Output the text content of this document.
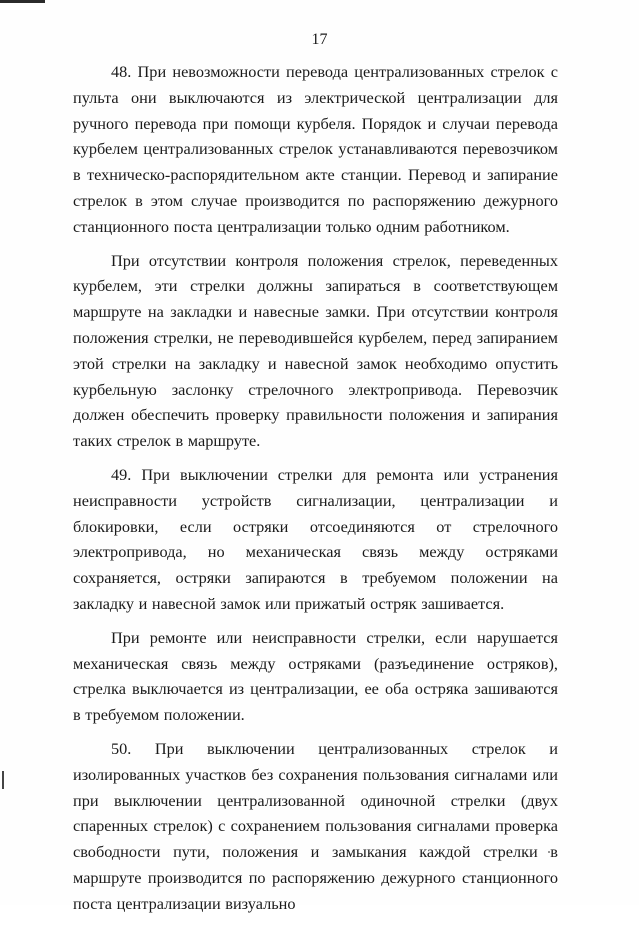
17

48. При невозможности перевода централизованных стрелок с пульта они выключаются из электрической централизации для ручного перевода при помощи курбеля. Порядок и случаи перевода курбелем централизованных стрелок устанавливаются перевозчиком в техническо-распорядительном акте станции. Перевод и запирание стрелок в этом случае производится по распоряжению дежурного станционного поста централизации только одним работником.

При отсутствии контроля положения стрелок, переведенных курбелем, эти стрелки должны запираться в соответствующем маршруте на закладки и навесные замки. При отсутствии контроля положения стрелки, не переводившейся курбелем, перед запиранием этой стрелки на закладку и навесной замок необходимо опустить курбельную заслонку стрелочного электропривода. Перевозчик должен обеспечить проверку правильности положения и запирания таких стрелок в маршруте.

49. При выключении стрелки для ремонта или устранения неисправности устройств сигнализации, централизации и блокировки, если остряки отсоединяются от стрелочного электропривода, но механическая связь между остряками сохраняется, остряки запираются в требуемом положении на закладку и навесной замок или прижатый остряк зашивается.

При ремонте или неисправности стрелки, если нарушается механическая связь между остряками (разъединение остряков), стрелка выключается из централизации, ее оба остряка зашиваются в требуемом положении.

50. При выключении централизованных стрелок и изолированных участков без сохранения пользования сигналами или при выключении централизованной одиночной стрелки (двух спаренных стрелок) с сохранением пользования сигналами проверка свободности пути, положения и замыкания каждой стрелки в маршруте производится по распоряжению дежурного станционного поста централизации визуально
